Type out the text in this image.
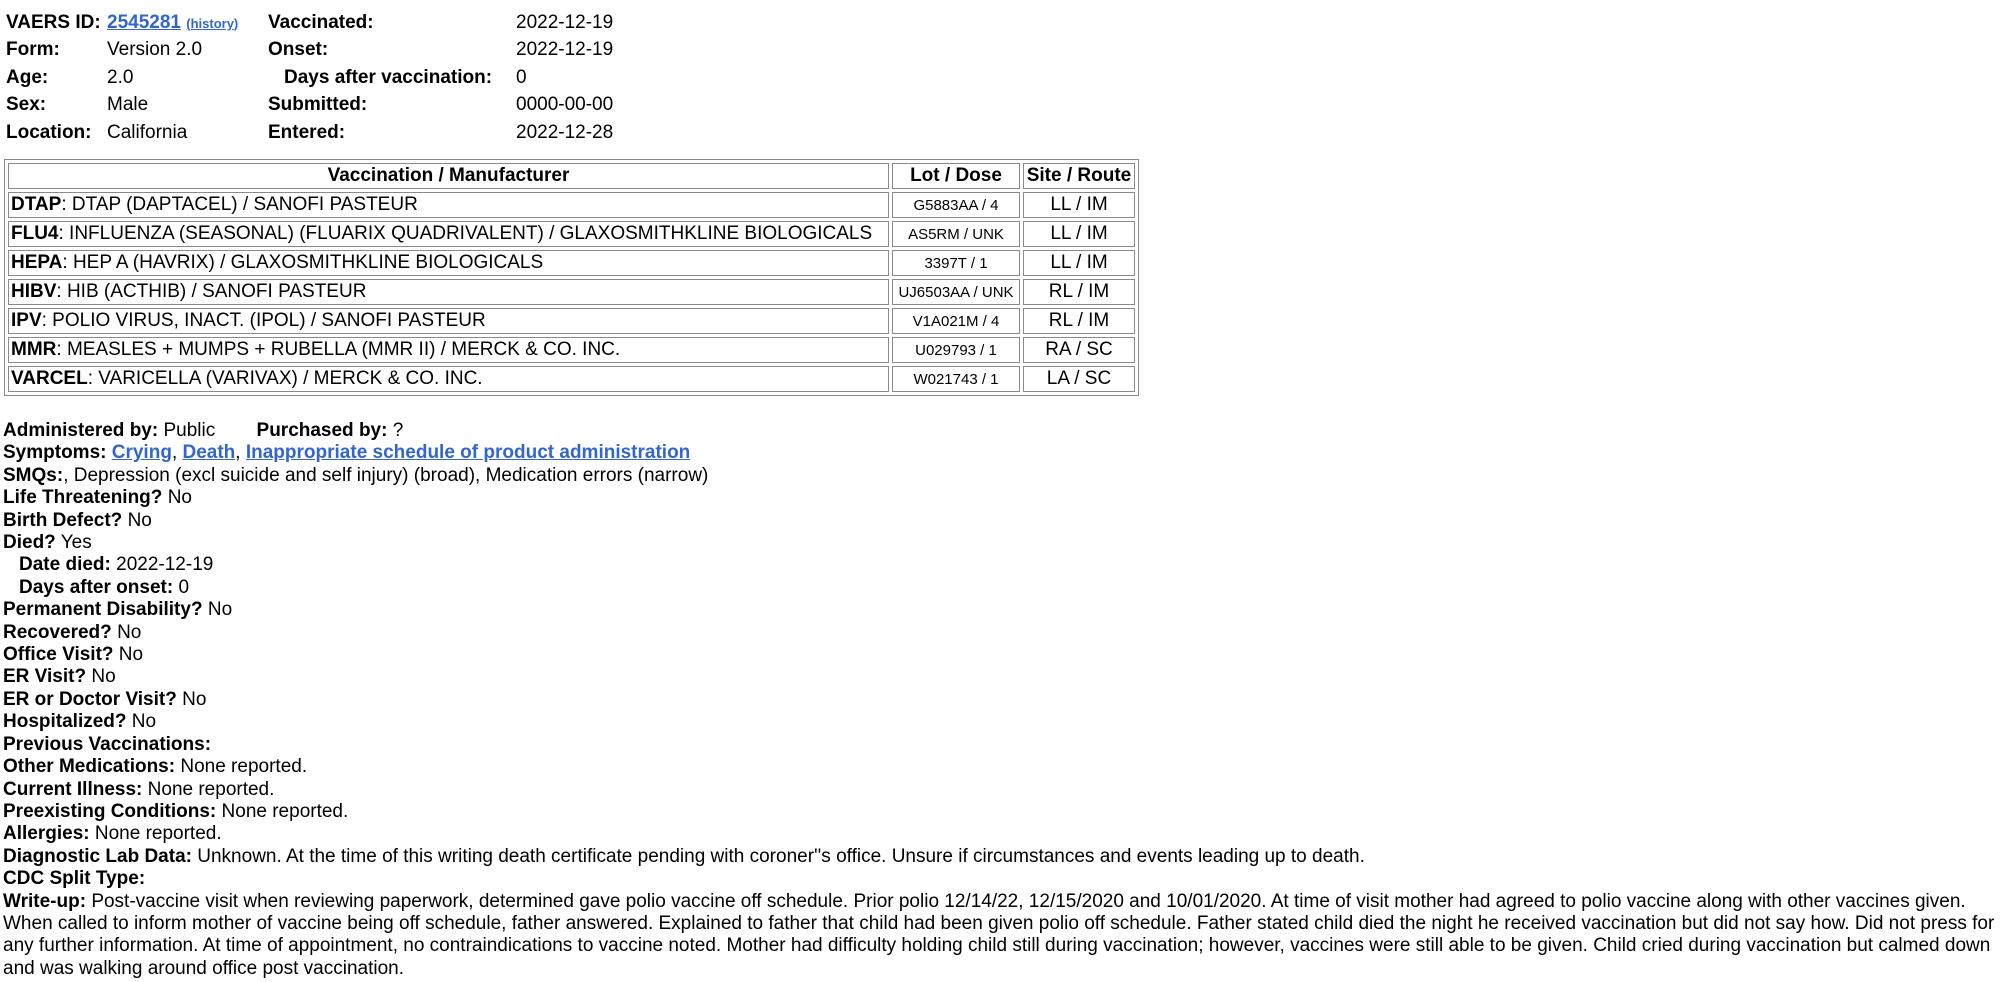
VAERS ID:	2545281 (history)	Vaccinated:	2022-12-19
Form:	Version 2.0	Onset:	2022-12-19
Age:	2.0	Days after vaccination:	0
Sex:	Male	Submitted:	0000-00-00
Location:	California	Entered:	2022-12-28
Vaccination / Manufacturer	Lot / Dose	Site / Route
DTAP: DTAP (DAPTACEL) / SANOFI PASTEUR	G5883AA / 4	LL / IM
FLU4: INFLUENZA (SEASONAL) (FLUARIX QUADRIVALENT) / GLAXOSMITHKLINE BIOLOGICALS	AS5RM / UNK	LL / IM
HEPA: HEP A (HAVRIX) / GLAXOSMITHKLINE BIOLOGICALS	3397T / 1	LL / IM
HIBV: HIB (ACTHIB) / SANOFI PASTEUR	UJ6503AA / UNK	RL / IM
IPV: POLIO VIRUS, INACT. (IPOL) / SANOFI PASTEUR	V1A021M / 4	RL / IM
MMR: MEASLES + MUMPS + RUBELLA (MMR II) / MERCK & CO. INC.	U029793 / 1	RA / SC
VARCEL: VARICELLA (VARIVAX) / MERCK & CO. INC.	W021743 / 1	LA / SC
Administered by: Public Purchased by: ?
Symptoms: Crying, Death, Inappropriate schedule of product administration
SMQs:, Depression (excl suicide and self injury) (broad), Medication errors (narrow)
Life Threatening? No
Birth Defect? No
Died? Yes
Date died: 2022-12-19
Days after onset: 0
Permanent Disability? No
Recovered? No
Office Visit? No
ER Visit? No
ER or Doctor Visit? No
Hospitalized? No
Previous Vaccinations:
Other Medications: None reported.
Current Illness: None reported.
Preexisting Conditions: None reported.
Allergies: None reported.
Diagnostic Lab Data: Unknown. At the time of this writing death certificate pending with coroner''s office. Unsure if circumstances and events leading up to death.
CDC Split Type:
Write-up: Post-vaccine visit when reviewing paperwork, determined gave polio vaccine off schedule. Prior polio 12/14/22, 12/15/2020 and 10/01/2020. At time of visit mother had agreed to polio vaccine along with other vaccines given. When called to inform mother of vaccine being off schedule, father answered. Explained to father that child had been given polio off schedule. Father stated child died the night he received vaccination but did not say how. Did not press for any further information. At time of appointment, no contraindications to vaccine noted. Mother had difficulty holding child still during vaccination; however, vaccines were still able to be given. Child cried during vaccination but calmed down and was walking around office post vaccination.
